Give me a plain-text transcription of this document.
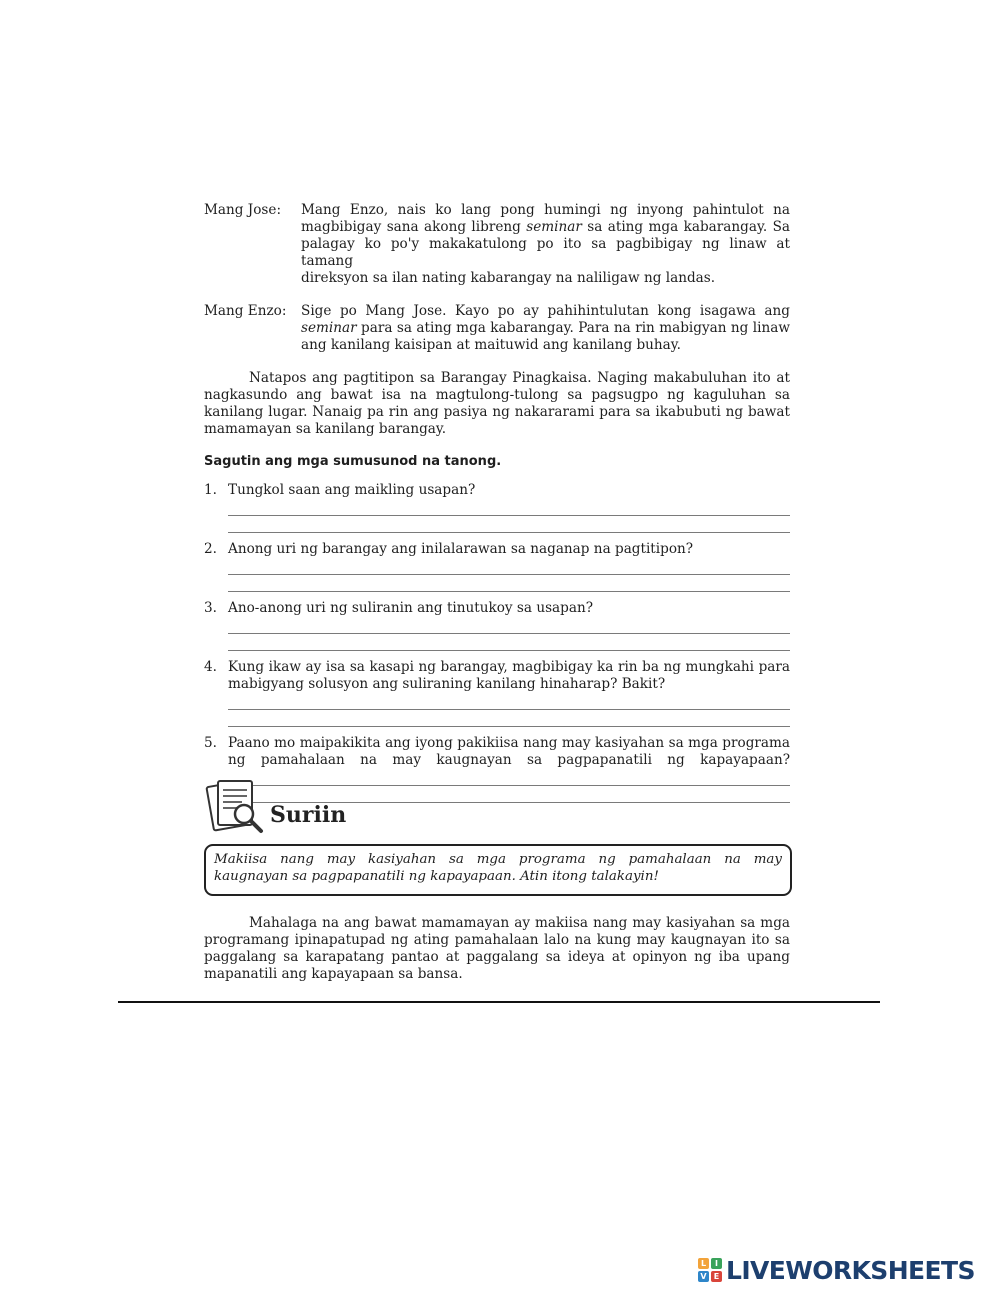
Mang Jose:	Mang Enzo, nais ko lang pong humingi ng inyong pahintulot na
magbibigay sana akong libreng seminar sa ating mga kabarangay. Sa
palagay ko po'y makakatulong po ito sa pagbibigay ng linaw at tamang
direksyon sa ilan nating kabarangay na naliligaw ng landas.
Mang Enzo:	Sige po Mang Jose. Kayo po ay pahihintulutan kong isagawa ang
seminar para sa ating mga kabarangay. Para na rin mabigyan ng linaw
ang kanilang kaisipan at maituwid ang kanilang buhay.
Natapos ang pagtitipon sa Barangay Pinagkaisa. Naging makabuluhan ito at
nagkasundo ang bawat isa na magtulong-tulong sa pagsugpo ng kaguluhan sa
kanilang lugar. Nanaig pa rin ang pasiya ng nakararami para sa ikabubuti ng bawat
mamamayan sa kanilang barangay.
Sagutin ang mga sumusunod na tanong.
1. Tungkol saan ang maikling usapan?
2. Anong uri ng barangay ang inilalarawan sa naganap na pagtitipon?
3. Ano-anong uri ng suliranin ang tinutukoy sa usapan?
4. Kung ikaw ay isa sa kasapi ng barangay, magbibigay ka rin ba ng mungkahi para
mabigyang solusyon ang suliraning kanilang hinaharap? Bakit?
5. Paano mo maipakikita ang iyong pakikiisa nang may kasiyahan sa mga programa
ng pamahalaan na may kaugnayan sa pagpapanatili ng kapayapaan?
Suriin
Makiisa nang may kasiyahan sa mga programa ng pamahalaan na may
kaugnayan sa pagpapanatili ng kapayapaan. Atin itong talakayin!
Mahalaga na ang bawat mamamayan ay makiisa nang may kasiyahan sa mga
programang ipinapatupad ng ating pamahalaan lalo na kung may kaugnayan ito sa
paggalang sa karapatang pantao at paggalang sa ideya at opinyon ng iba upang
mapanatili ang kapayapaan sa bansa.
L	I
V E LIVEWORKSHEETS
